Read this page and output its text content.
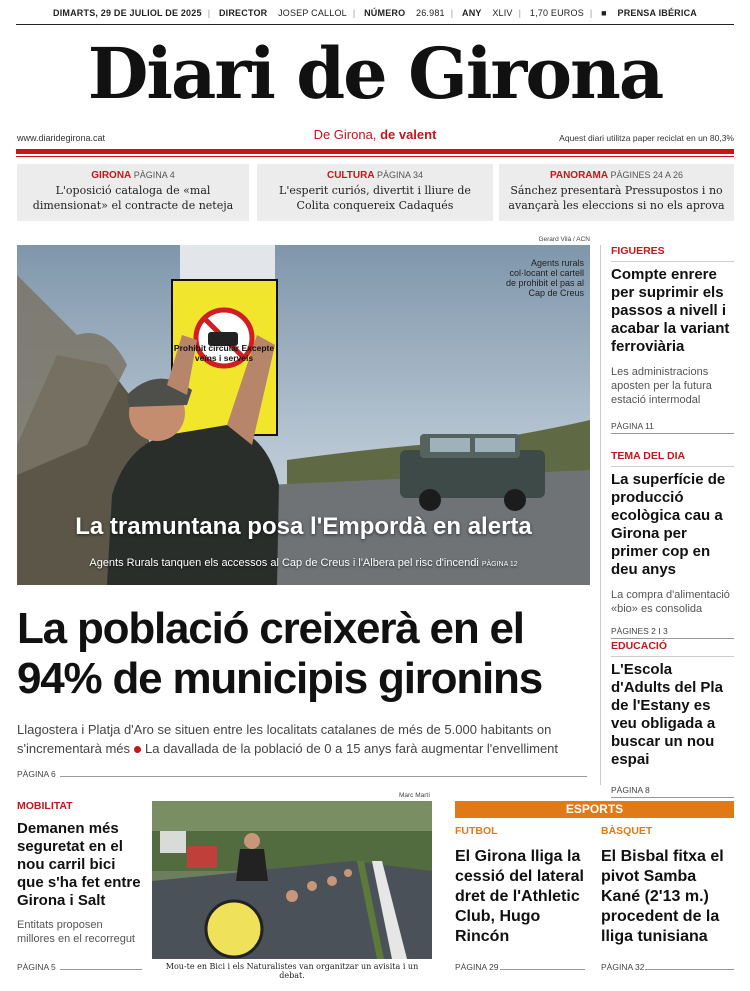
DIMARTS, 29 DE JULIOL DE 2025 | DIRECTOR JOSEP CALLOL | NÚMERO 26.981 | ANY XLIV | 1,70 EUROS | ■ PRENSA IBÉRICA
Diari de Girona
www.diaridegirona.cat	De Girona, de valent	Aquest diari utilitza paper reciclat en un 80,3%
GIRONA PÀGINA 4
L'oposició cataloga de «mal dimensionat» el contracte de neteja
CULTURA PÀGINA 34
L'esperit curiós, divertit i lliure de Colita conquereix Cadaqués
PANORAMA PÀGINES 24 A 26
Sánchez presentarà Pressupostos i no avançarà les eleccions si no els aprova
Gerard Vilà / ACN
Prohibit circular Excepte veïns i serveis
Agents rurals col·locant el cartell de prohibit el pas al Cap de Creus
La tramuntana posa l'Empordà en alerta
Agents Rurals tanquen els accessos al Cap de Creus i l'Albera pel risc d'incendi PÀGINA 12
La població creixerà en el 94% de municipis gironins
Llagostera i Platja d'Aro se situen entre les localitats catalanes de més de 5.000 habitants on s'incrementarà més La davallada de la població de 0 a 15 anys farà augmentar l'envelliment
PÀGINA 6
FIGUERES
Compte enrere per suprimir els passos a nivell i acabar la variant ferroviària
Les administracions aposten per la futura estació intermodal
PÀGINA 11
TEMA DEL DIA
La superfície de producció ecològica cau a Girona per primer cop en deu anys
La compra d'alimentació «bio» es consolida
PÀGINES 2 I 3
EDUCACIÓ
L'Escola d'Adults del Pla de l'Estany es veu obligada a buscar un nou espai
PÀGINA 8
MOBILITAT
Demanen més seguretat en el nou carril bici que s'ha fet entre Girona i Salt
Entitats proposen millores en el recorregut
PÀGINA 5
Marc Martí
Mou-te en Bici i els Naturalistes van organitzar un avisita i un debat.
ESPORTS
FUTBOL
El Girona lliga la cessió del lateral dret de l'Athletic Club, Hugo Rincón
PÀGINA 29
BÀSQUET
El Bisbal fitxa el pivot Samba Kané (2'13 m.) procedent de la lliga tunisiana
PÀGINA 32
